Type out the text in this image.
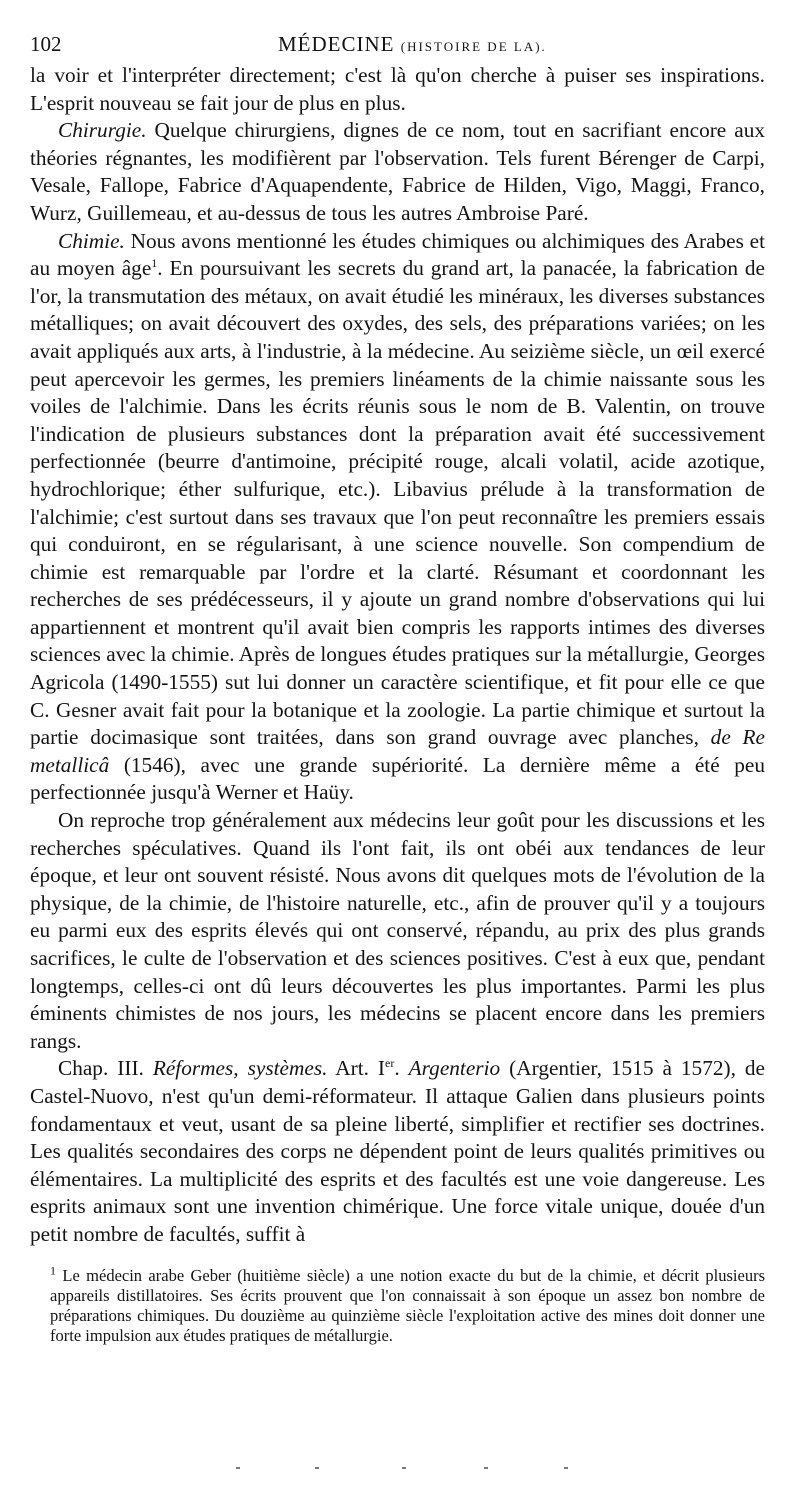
102	MÉDECINE (HISTOIRE DE LA).

la voir et l'interpréter directement; c'est là qu'on cherche à puiser ses inspirations. L'esprit nouveau se fait jour de plus en plus.

Chirurgie. Quelque chirurgiens, dignes de ce nom, tout en sacrifiant encore aux théories régnantes, les modifièrent par l'observation. Tels furent Bérenger de Carpi, Vesale, Fallope, Fabrice d'Aquapendente, Fabrice de Hilden, Vigo, Maggi, Franco, Wurz, Guillemeau, et au-dessus de tous les autres Ambroise Paré.

Chimie. Nous avons mentionné les études chimiques ou alchimiques des Arabes et au moyen âge$^1$. En poursuivant les secrets du grand art, la panacée, la fabrication de l'or, la transmutation des métaux, on avait étudié les minéraux, les diverses substances métalliques; on avait découvert des oxydes, des sels, des préparations variées; on les avait appliqués aux arts, à l'industrie, à la médecine. Au seizième siècle, un œil exercé peut apercevoir les germes, les premiers linéaments de la chimie naissante sous les voiles de l'alchimie. Dans les écrits réunis sous le nom de B. Valentin, on trouve l'indication de plusieurs substances dont la préparation avait été successivement perfectionnée (beurre d'antimoine, précipité rouge, alcali volatil, acide azotique, hydrochlorique; éther sulfurique, etc.). Libavius prélude à la transformation de l'alchimie; c'est surtout dans ses travaux que l'on peut reconnaître les premiers essais qui conduiront, en se régularisant, à une science nouvelle. Son compendium de chimie est remarquable par l'ordre et la clarté. Résumant et coordonnant les recherches de ses prédécesseurs, il y ajoute un grand nombre d'observations qui lui appartiennent et montrent qu'il avait bien compris les rapports intimes des diverses sciences avec la chimie. Après de longues études pratiques sur la métallurgie, Georges Agricola (1490-1555) sut lui donner un caractère scientifique, et fit pour elle ce que C. Gesner avait fait pour la botanique et la zoologie. La partie chimique et surtout la partie docimasique sont traitées, dans son grand ouvrage avec planches, de Re metallicâ (1546), avec une grande supériorité. La dernière même a été peu perfectionnée jusqu'à Werner et Haüy.

On reproche trop généralement aux médecins leur goût pour les discussions et les recherches spéculatives. Quand ils l'ont fait, ils ont obéi aux tendances de leur époque, et leur ont souvent résisté. Nous avons dit quelques mots de l'évolution de la physique, de la chimie, de l'histoire naturelle, etc., afin de prouver qu'il y a toujours eu parmi eux des esprits élevés qui ont conservé, répandu, au prix des plus grands sacrifices, le culte de l'observation et des sciences positives. C'est à eux que, pendant longtemps, celles-ci ont dû leurs découvertes les plus importantes. Parmi les plus éminents chimistes de nos jours, les médecins se placent encore dans les premiers rangs.

Chap. III. Réformes, systèmes. Art. Ier. Argenterio (Argentier, 1515 à 1572), de Castel-Nuovo, n'est qu'un demi-réformateur. Il attaque Galien dans plusieurs points fondamentaux et veut, usant de sa pleine liberté, simplifier et rectifier ses doctrines. Les qualités secondaires des corps ne dépendent point de leurs qualités primitives ou élémentaires. La multiplicité des esprits et des facultés est une voie dangereuse. Les esprits animaux sont une invention chimérique. Une force vitale unique, douée d'un petit nombre de facultés, suffit à

$^1$ Le médecin arabe Geber (huitième siècle) a une notion exacte du but de la chimie, et décrit plusieurs appareils distillatoires. Ses écrits prouvent que l'on connaissait à son époque un assez bon nombre de préparations chimiques. Du douzième au quinzième siècle l'exploitation active des mines doit donner une forte impulsion aux études pratiques de métallurgie.
